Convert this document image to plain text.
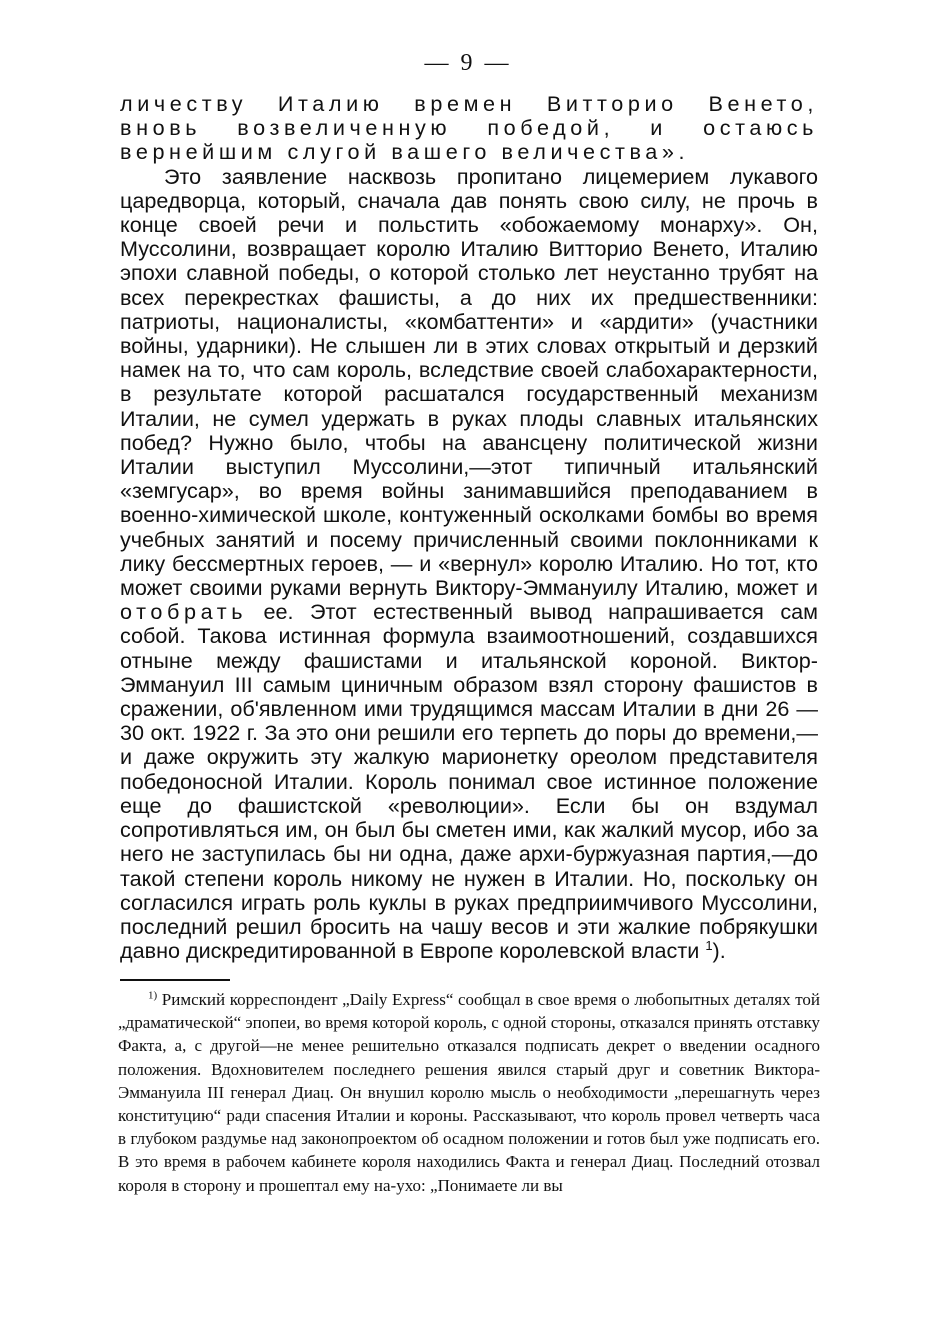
— 9 —

личеству Италию времен Витторио Венето, вновь возвеличенную победой, и остаюсь вернейшим слугой вашего величества».

Это заявление насквозь пропитано лицемерием лукавого царедворца, который, сначала дав понять свою силу, не прочь в конце своей речи и польстить «обожаемому монарху». Он, Муссолини, возвращает королю Италию Витторио Венето, Италию эпохи славной победы, о которой столько лет неустанно трубят на всех перекрестках фашисты, а до них их предшественники: патриоты, националисты, «комбаттенти» и «ардити» (участники войны, ударники). Не слышен ли в этих словах открытый и дерзкий намек на то, что сам король, вследствие своей слабохарактерности, в результате которой расшатался государственный механизм Италии, не сумел удержать в руках плоды славных итальянских побед? Нужно было, чтобы на авансцену политической жизни Италии выступил Муссолини,—этот типичный итальянский «земгусар», во время войны занимавшийся преподаванием в военно-химической школе, контуженный осколками бомбы во время учебных занятий и посему причисленный своими поклонниками к лику бессмертных героев, — и «вернул» королю Италию. Но тот, кто может своими руками вернуть Виктору-Эммануилу Италию, может и отобрать ее. Этот естественный вывод напрашивается сам собой. Такова истинная формула взаимоотношений, создавшихся отныне между фашистами и итальянской короной. Виктор-Эммануил III самым циничным образом взял сторону фашистов в сражении, об'явленном ими трудящимся массам Италии в дни 26 — 30 окт. 1922 г. За это они решили его терпеть до поры до времени,—и даже окружить эту жалкую марионетку ореолом представителя победоносной Италии. Король понимал свое истинное положение еще до фашистской «революции». Если бы он вздумал сопротивляться им, он был бы сметен ими, как жалкий мусор, ибо за него не заступилась бы ни одна, даже архи-буржуазная партия,—до такой степени король никому не нужен в Италии. Но, поскольку он согласился играть роль куклы в руках предприимчивого Муссолини, последний решил бросить на чашу весов и эти жалкие побрякушки давно дискредитированной в Европе королевской власти $^1$).

$^{1)}$ Римский корреспондент „Daily Express“ сообщал в свое время о любопытных деталях той „драматической“ эпопеи, во время которой король, с одной стороны, отказался принять отставку Факта, а, с другой—не менее решительно отказался подписать декрет о введении осадного положения. Вдохновителем последнего решения явился старый друг и советник Виктора-Эммануила III генерал Диац. Он внушил королю мысль о необходимости „перешагнуть через конституцию“ ради спасения Италии и короны. Рассказывают, что король провел четверть часа в глубоком раздумье над законопроектом об осадном положении и готов был уже подписать его. В это время в рабочем кабинете короля находились Факта и генерал Диац. Последний отозвал короля в сторону и прошептал ему на-ухо: „Понимаете ли вы
